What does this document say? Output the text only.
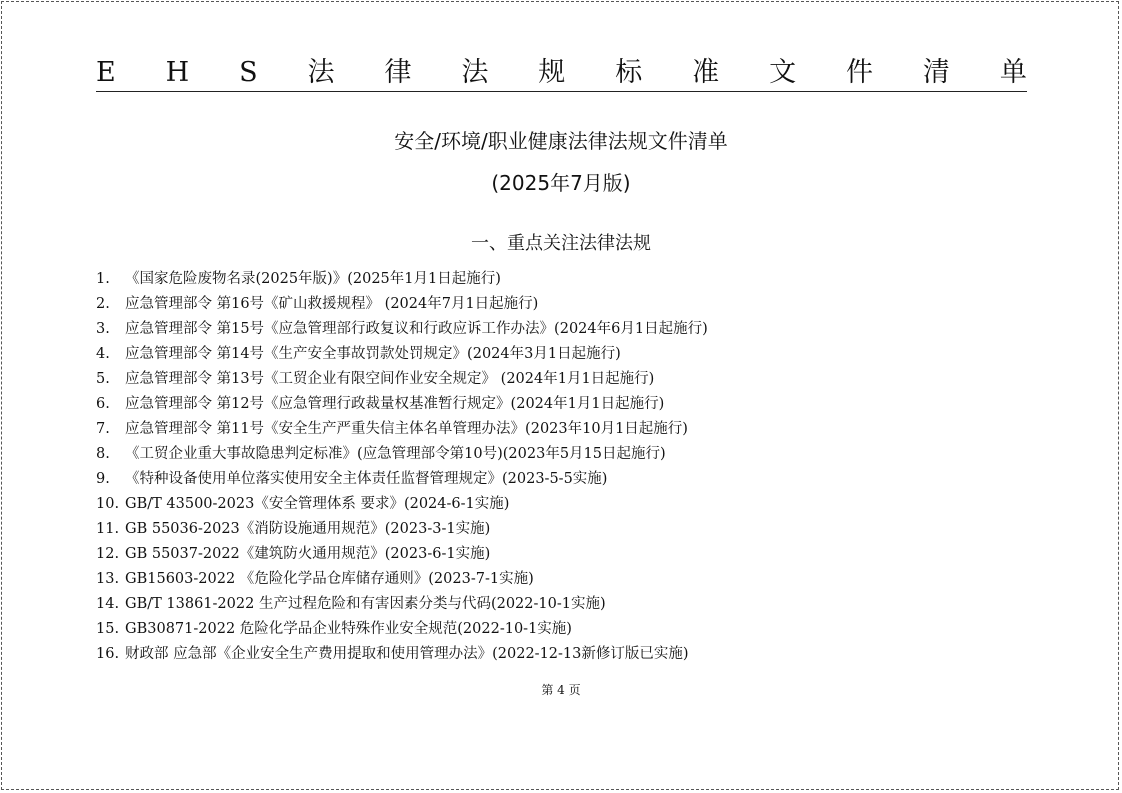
E H S 法 律 法 规 标 准 文 件 清 单
安全/环境/职业健康法律法规文件清单
(2025年7月版)
一、重点关注法律法规
1.	《国家危险废物名录(2025年版)》(2025年1月1日起施行)
2.	应急管理部令 第16号《矿山救援规程》 (2024年7月1日起施行)
3.	应急管理部令 第15号《应急管理部行政复议和行政应诉工作办法》(2024年6月1日起施行)
4.	应急管理部令 第14号《生产安全事故罚款处罚规定》(2024年3月1日起施行)
5.	应急管理部令 第13号《工贸企业有限空间作业安全规定》 (2024年1月1日起施行)
6.	应急管理部令 第12号《应急管理行政裁量权基准暂行规定》(2024年1月1日起施行)
7.	应急管理部令 第11号《安全生产严重失信主体名单管理办法》(2023年10月1日起施行)
8.	《工贸企业重大事故隐患判定标准》(应急管理部令第10号)(2023年5月15日起施行)
9.	《特种设备使用单位落实使用安全主体责任监督管理规定》(2023-5-5实施)
10. GB/T 43500-2023《安全管理体系 要求》(2024-6-1实施)
11. GB 55036-2023《消防设施通用规范》(2023-3-1实施)
12. GB 55037-2022《建筑防火通用规范》(2023-6-1实施)
13. GB15603-2022 《危险化学品仓库储存通则》(2023-7-1实施)
14. GB/T 13861-2022 生产过程危险和有害因素分类与代码(2022-10-1实施)
15. GB30871-2022 危险化学品企业特殊作业安全规范(2022-10-1实施)
16. 财政部 应急部《企业安全生产费用提取和使用管理办法》(2022-12-13新修订版已实施)
第 4 页
